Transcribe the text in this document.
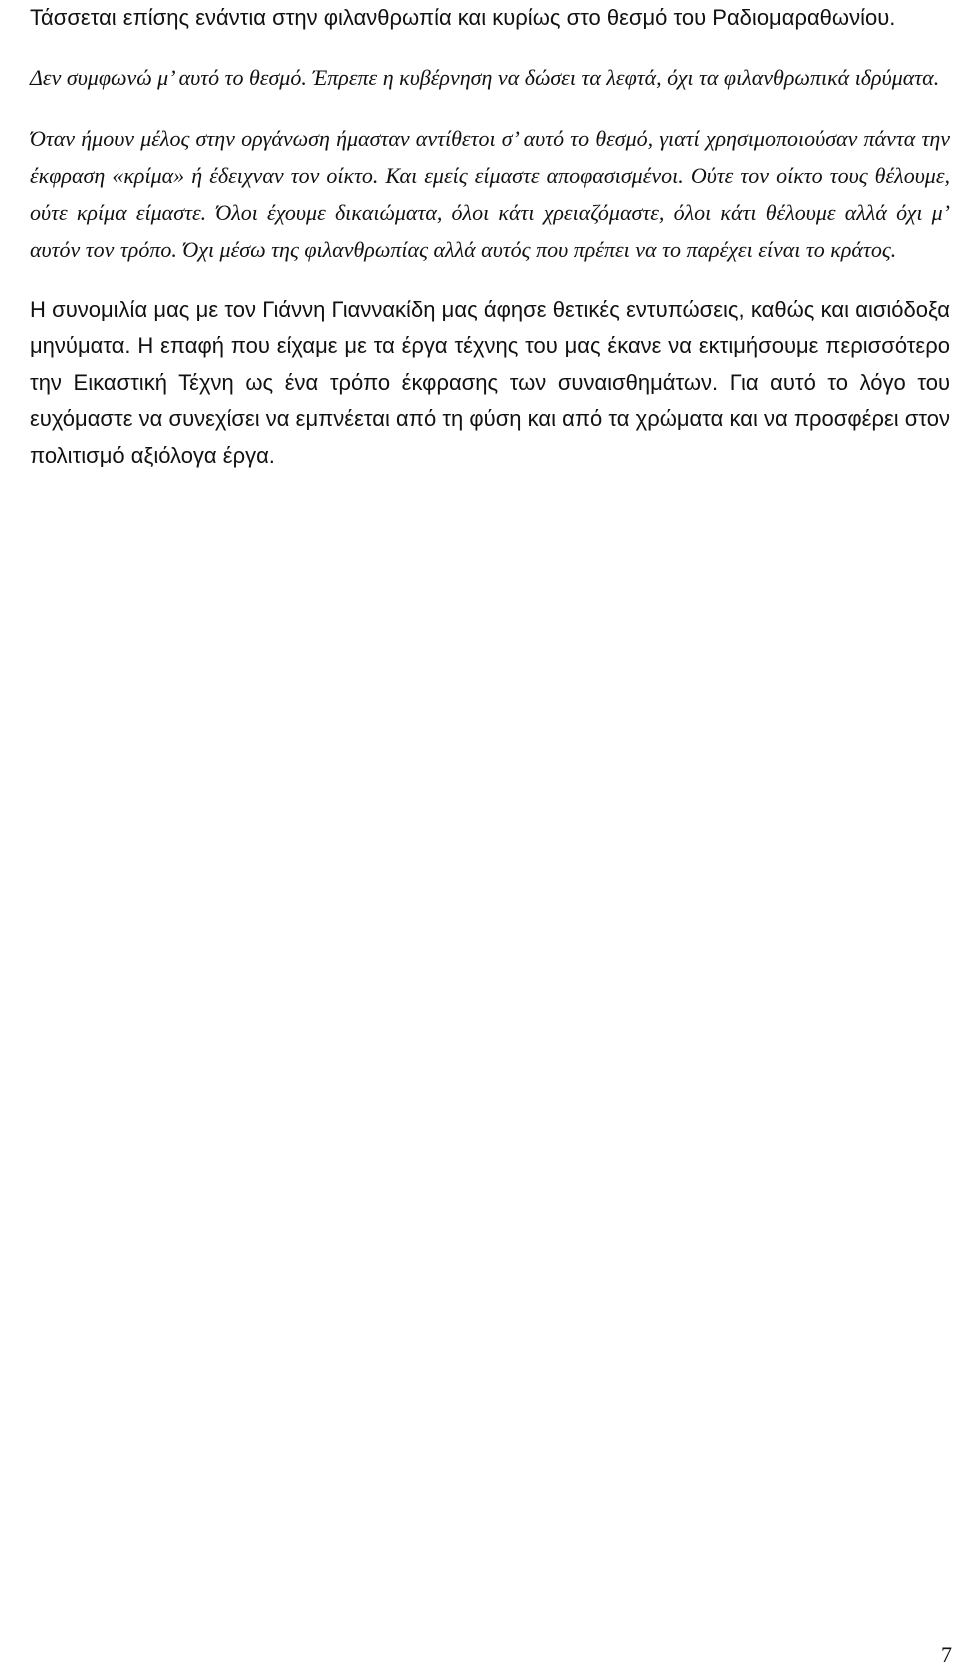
Τάσσεται επίσης ενάντια στην φιλανθρωπία και κυρίως στο θεσμό του Ραδιομαραθωνίου.

Δεν συμφωνώ μ’ αυτό το θεσμό. Έπρεπε η κυβέρνηση να δώσει τα λεφτά, όχι τα φιλανθρωπικά ιδρύματα.

Όταν ήμουν μέλος στην οργάνωση ήμασταν αντίθετοι σ’ αυτό το θεσμό, γιατί χρησιμοποιούσαν πάντα την έκφραση «κρίμα» ή έδειχναν τον οίκτο. Και εμείς είμαστε αποφασισμένοι. Ούτε τον οίκτο τους θέλουμε, ούτε κρίμα είμαστε. Όλοι έχουμε δικαιώματα, όλοι κάτι χρειαζόμαστε, όλοι κάτι θέλουμε αλλά όχι μ’ αυτόν τον τρόπο. Όχι μέσω της φιλανθρωπίας αλλά αυτός που πρέπει να το παρέχει είναι το κράτος.

Η συνομιλία μας με τον Γιάννη Γιαννακίδη μας άφησε θετικές εντυπώσεις, καθώς και αισιόδοξα μηνύματα. Η επαφή που είχαμε με τα έργα τέχνης του μας έκανε να εκτιμήσουμε περισσότερο την Εικαστική Τέχνη ως ένα τρόπο έκφρασης των συναισθημάτων. Για αυτό το λόγο του ευχόμαστε να συνεχίσει να εμπνέεται από τη φύση και από τα χρώματα και να προσφέρει στον πολιτισμό αξιόλογα έργα.

7
